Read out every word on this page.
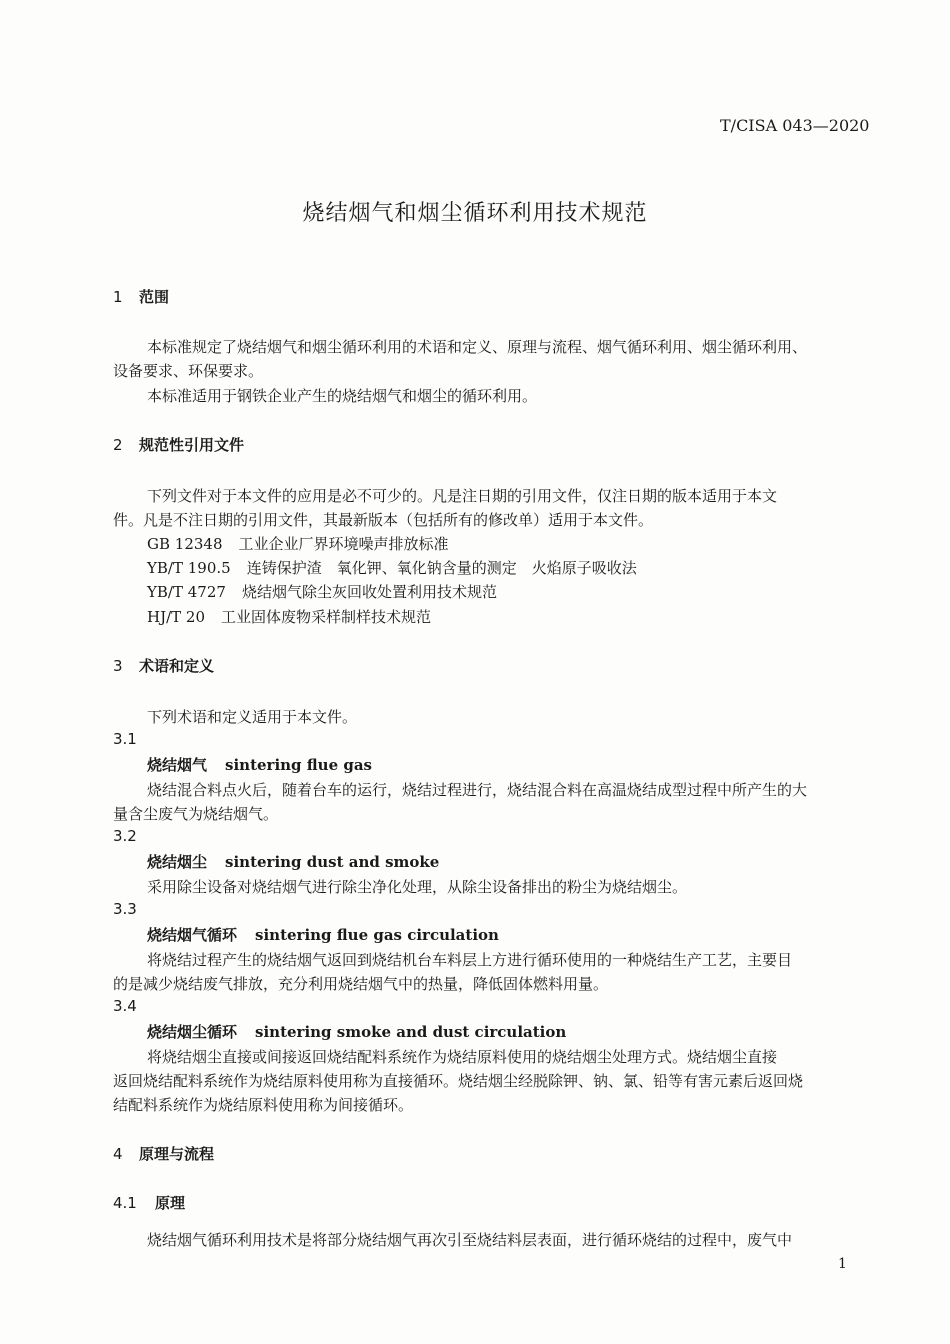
T/CISA 043—2020
烧结烟气和烟尘循环利用技术规范
1 范围
本标准规定了烧结烟气和烟尘循环利用的术语和定义、原理与流程、烟气循环利用、烟尘循环利用、
设备要求、环保要求。
本标准适用于钢铁企业产生的烧结烟气和烟尘的循环利用。
2 规范性引用文件
下列文件对于本文件的应用是必不可少的。凡是注日期的引用文件，仅注日期的版本适用于本文
件。凡是不注日期的引用文件，其最新版本（包括所有的修改单）适用于本文件。
GB 12348 工业企业厂界环境噪声排放标准
YB/T 190.5 连铸保护渣　氧化钾、氧化钠含量的测定　火焰原子吸收法
YB/T 4727 烧结烟气除尘灰回收处置利用技术规范
HJ/T 20 工业固体废物采样制样技术规范
3 术语和定义
下列术语和定义适用于本文件。
3.1
烧结烟气 sintering flue gas
烧结混合料点火后，随着台车的运行，烧结过程进行，烧结混合料在高温烧结成型过程中所产生的大
量含尘废气为烧结烟气。
3.2
烧结烟尘 sintering dust and smoke
采用除尘设备对烧结烟气进行除尘净化处理，从除尘设备排出的粉尘为烧结烟尘。
3.3
烧结烟气循环 sintering flue gas circulation
将烧结过程产生的烧结烟气返回到烧结机台车料层上方进行循环使用的一种烧结生产工艺，主要目
的是减少烧结废气排放，充分利用烧结烟气中的热量，降低固体燃料用量。
3.4
烧结烟尘循环 sintering smoke and dust circulation
将烧结烟尘直接或间接返回烧结配料系统作为烧结原料使用的烧结烟尘处理方式。烧结烟尘直接
返回烧结配料系统作为烧结原料使用称为直接循环。烧结烟尘经脱除钾、钠、氯、铅等有害元素后返回烧
结配料系统作为烧结原料使用称为间接循环。
4 原理与流程
4.1 原理
烧结烟气循环利用技术是将部分烧结烟气再次引至烧结料层表面，进行循环烧结的过程中，废气中
1
